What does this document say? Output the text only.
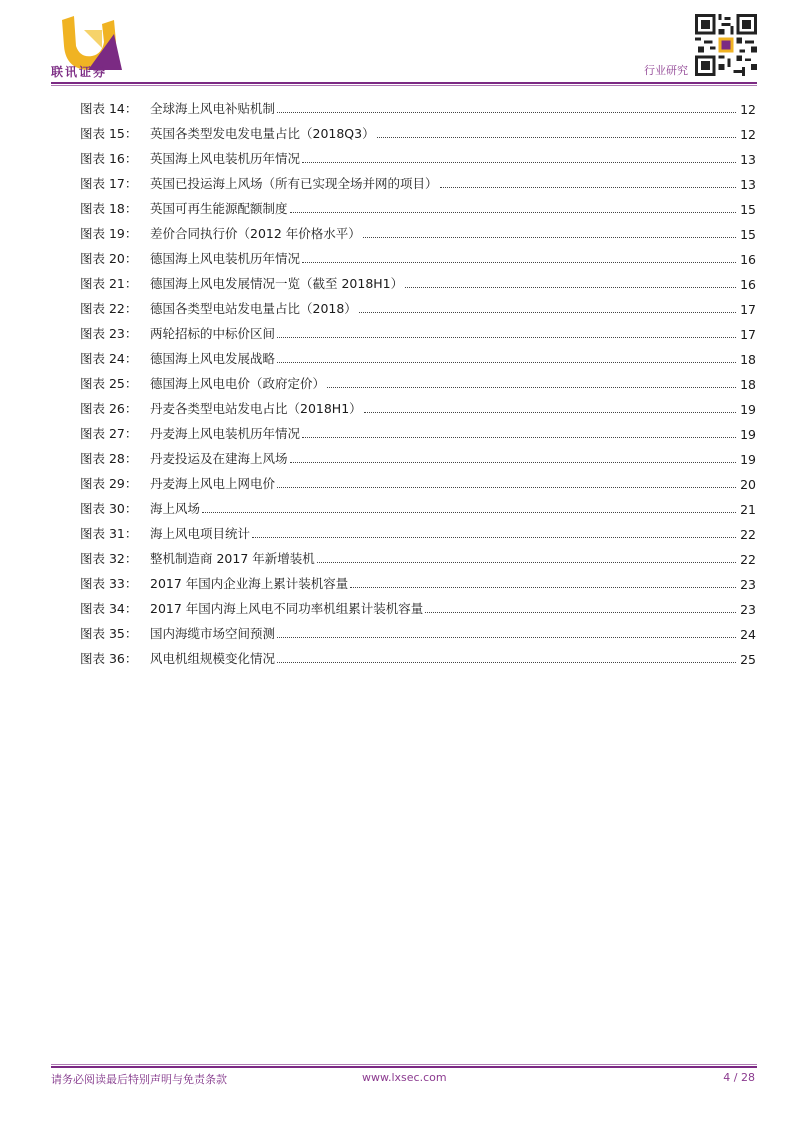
联讯证券	行业研究
图表 14：	全球海上风电补贴机制	12
图表 15：	英国各类型发电发电量占比（2018Q3）	12
图表 16：	英国海上风电装机历年情况	13
图表 17：	英国已投运海上风场（所有已实现全场并网的项目）	13
图表 18：	英国可再生能源配额制度	15
图表 19：	差价合同执行价（2012 年价格水平）	15
图表 20：	德国海上风电装机历年情况	16
图表 21：	德国海上风电发展情况一览（截至 2018H1）	16
图表 22：	德国各类型电站发电量占比（2018）	17
图表 23：	两轮招标的中标价区间	17
图表 24：	德国海上风电发展战略	18
图表 25：	德国海上风电电价（政府定价）	18
图表 26：	丹麦各类型电站发电占比（2018H1）	19
图表 27：	丹麦海上风电装机历年情况	19
图表 28：	丹麦投运及在建海上风场	19
图表 29：	丹麦海上风电上网电价	20
图表 30：	海上风场	21
图表 31：	海上风电项目统计	22
图表 32：	整机制造商 2017 年新增装机	22
图表 33：	2017 年国内企业海上累计装机容量	23
图表 34：	2017 年国内海上风电不同功率机组累计装机容量	23
图表 35：	国内海缆市场空间预测	24
图表 36：	风电机组规模变化情况	25
请务必阅读最后特别声明与免责条款	www.lxsec.com	4 / 28
